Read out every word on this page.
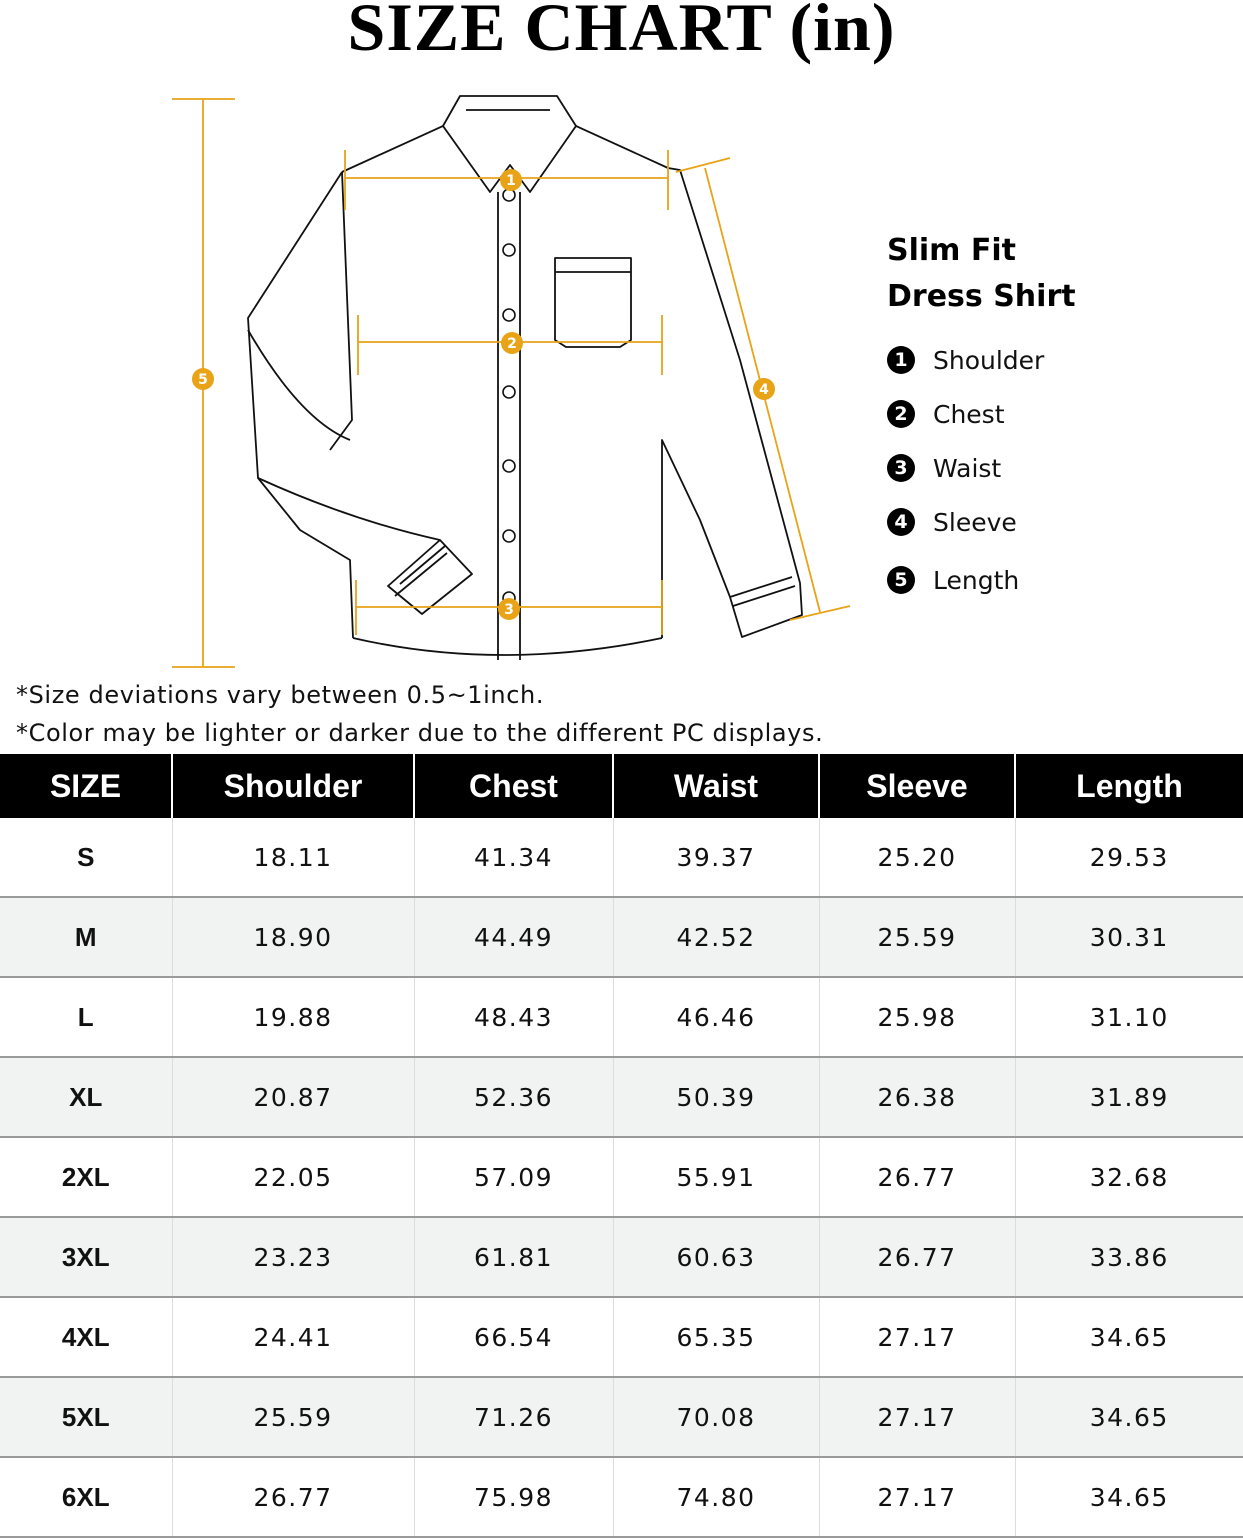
SIZE CHART (in)
1
2
3
4
5
Slim Fit
Dress Shirt
1 Shoulder
2 Chest
3 Waist
4 Sleeve
5 Length
*Size deviations vary between 0.5~1inch.
*Color may be lighter or darker due to the different PC displays.
SIZE	Shoulder	Chest	Waist	Sleeve	Length
S	18.11	41.34	39.37	25.20	29.53
M	18.90	44.49	42.52	25.59	30.31
L	19.88	48.43	46.46	25.98	31.10
XL	20.87	52.36	50.39	26.38	31.89
2XL	22.05	57.09	55.91	26.77	32.68
3XL	23.23	61.81	60.63	26.77	33.86
4XL	24.41	66.54	65.35	27.17	34.65
5XL	25.59	71.26	70.08	27.17	34.65
6XL	26.77	75.98	74.80	27.17	34.65
